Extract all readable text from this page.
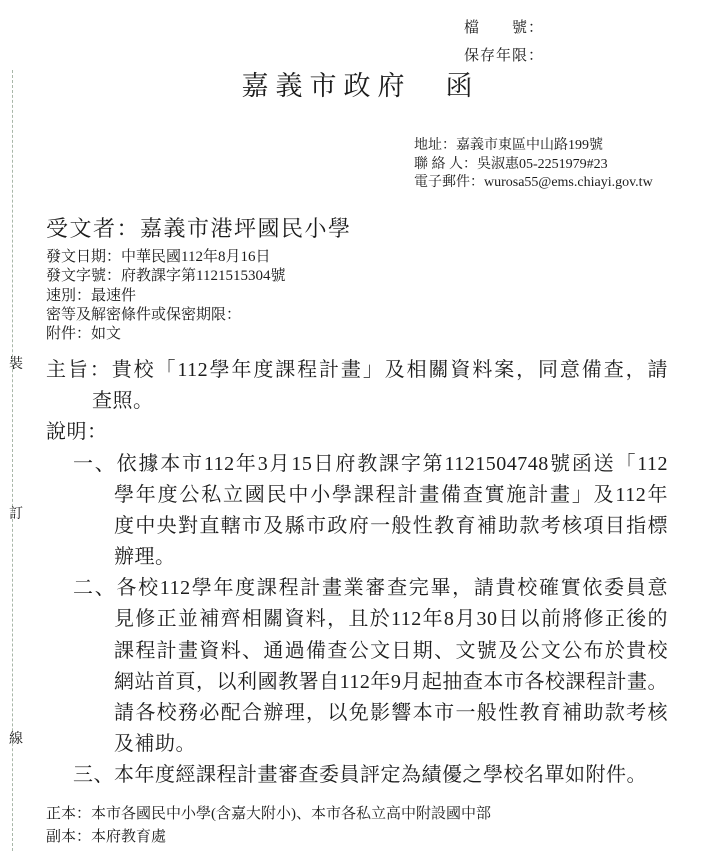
裝
訂
線
檔　　號：
保存年限：
嘉義市政府　函
地址：嘉義市東區中山路199號
聯 絡 人：吳淑惠05-2251979#23
電子郵件：wurosa55@ems.chiayi.gov.tw
受文者：嘉義市港坪國民小學
發文日期：中華民國112年8月16日
發文字號：府教課字第1121515304號
速別：最速件
密等及解密條件或保密期限：
附件：如文
主旨：貴校「112學年度課程計畫」及相關資料案，同意備查，請
查照。
說明：
一、依據本市112年3月15日府教課字第1121504748號函送「112
學年度公私立國民中小學課程計畫備查實施計畫」及112年
度中央對直轄市及縣市政府一般性教育補助款考核項目指標
辦理。
二、各校112學年度課程計畫業審查完畢，請貴校確實依委員意
見修正並補齊相關資料，且於112年8月30日以前將修正後的
課程計畫資料、通過備查公文日期、文號及公文公布於貴校
網站首頁，以利國教署自112年9月起抽查本市各校課程計畫。
請各校務必配合辦理，以免影響本市一般性教育補助款考核
及補助。
三、本年度經課程計畫審查委員評定為績優之學校名單如附件。
正本：本市各國民中小學(含嘉大附小)、本市各私立高中附設國中部
副本：本府教育處
